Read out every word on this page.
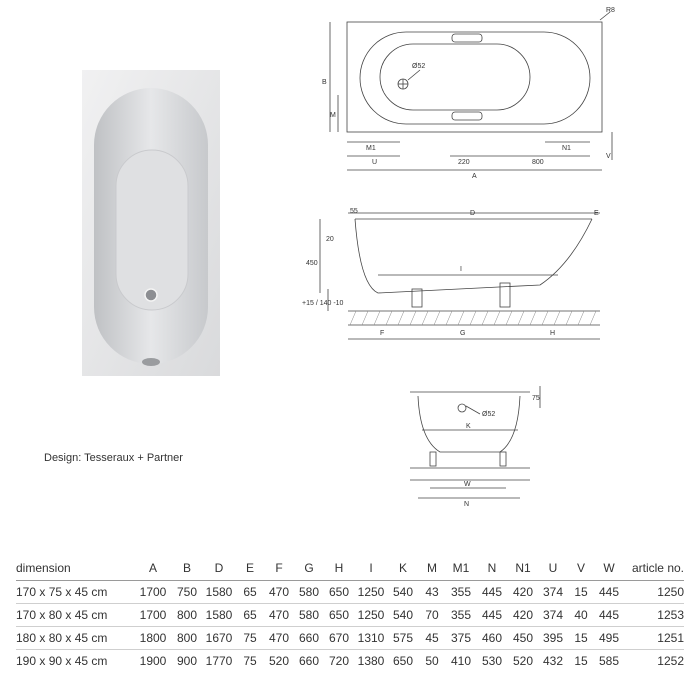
R8
B
M
Ø52
M1
U	220	800
N1
V
A
55	D	E
20
450
I
+15 / 140 -10
F	G	H
75
Ø52
K
W
N
Design: Tesseraux + Partner
dimension	A	B	D	E	F	G	H	I	K	M	M1	N	N1	U	V	W	article no.
170 x 75 x 45 cm	1700	750	1580	65	470	580	650	1250	540	43	355	445	420	374	15	445	1250
170 x 80 x 45 cm	1700	800	1580	65	470	580	650	1250	540	70	355	445	420	374	40	445	1253
180 x 80 x 45 cm	1800	800	1670	75	470	660	670	1310	575	45	375	460	450	395	15	495	1251
190 x 90 x 45 cm	1900	900	1770	75	520	660	720	1380	650	50	410	530	520	432	15	585	1252
